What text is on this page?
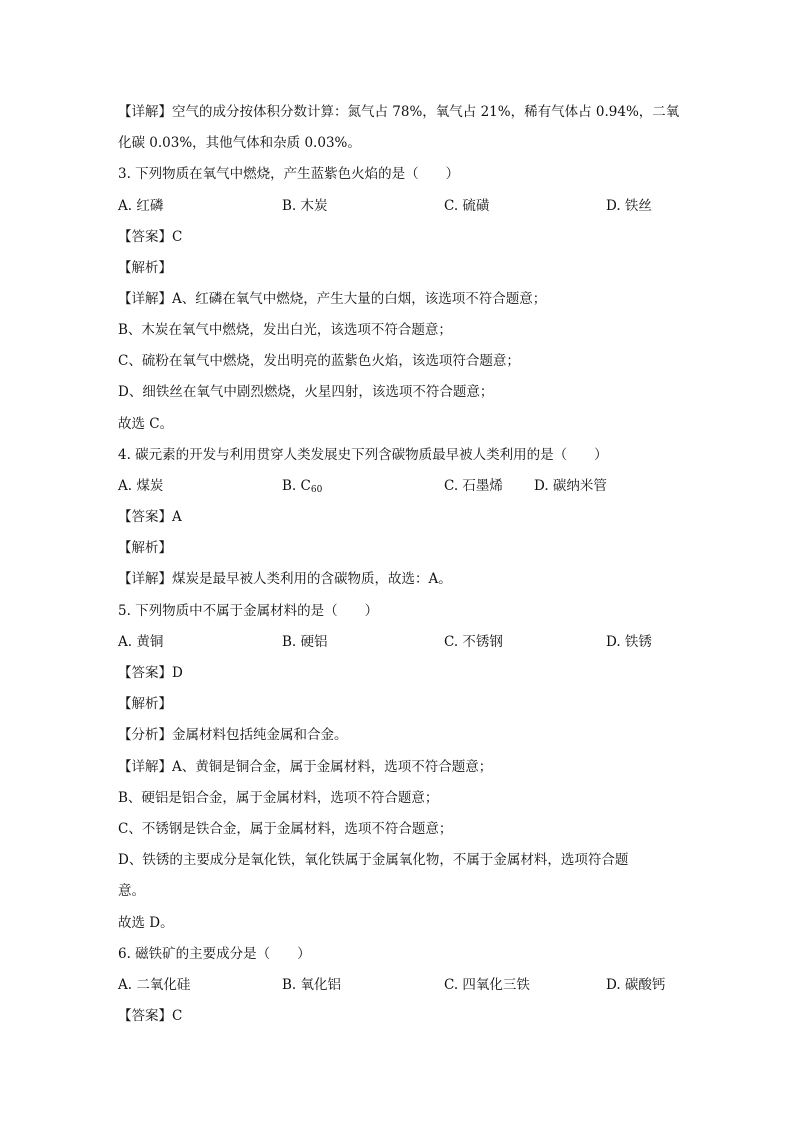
【详解】空气的成分按体积分数计算：氮气占 78%，氧气占 21%，稀有气体占 0.94%，二氧
化碳 0.03%，其他气体和杂质 0.03%。
3. 下列物质在氧气中燃烧，产生蓝紫色火焰的是（　　）
A. 红磷	B. 木炭	C. 硫磺	D. 铁丝
【答案】C
【解析】
【详解】A、红磷在氧气中燃烧，产生大量的白烟，该选项不符合题意；
B、木炭在氧气中燃烧，发出白光，该选项不符合题意；
C、硫粉在氧气中燃烧，发出明亮的蓝紫色火焰，该选项符合题意；
D、细铁丝在氧气中剧烈燃烧，火星四射，该选项不符合题意；
故选 C。
4. 碳元素的开发与利用贯穿人类发展史下列含碳物质最早被人类利用的是（　　）
A. 煤炭	B. $C_{60}$	C. 石墨烯 D. 碳纳米管
【答案】A
【解析】
【详解】煤炭是最早被人类利用的含碳物质，故选：A。
5. 下列物质中不属于金属材料的是（　　）
A. 黄铜	B. 硬铝	C. 不锈钢	D. 铁锈
【答案】D
【解析】
【分析】金属材料包括纯金属和合金。
【详解】A、黄铜是铜合金，属于金属材料，选项不符合题意；
B、硬铝是铝合金，属于金属材料，选项不符合题意；
C、不锈钢是铁合金，属于金属材料，选项不符合题意；
D、铁锈的主要成分是氧化铁，氧化铁属于金属氧化物，不属于金属材料，选项符合题
意。
故选 D。
6. 磁铁矿的主要成分是（　　）
A. 二氧化硅	B. 氧化铝	C. 四氧化三铁	D. 碳酸钙
【答案】C
